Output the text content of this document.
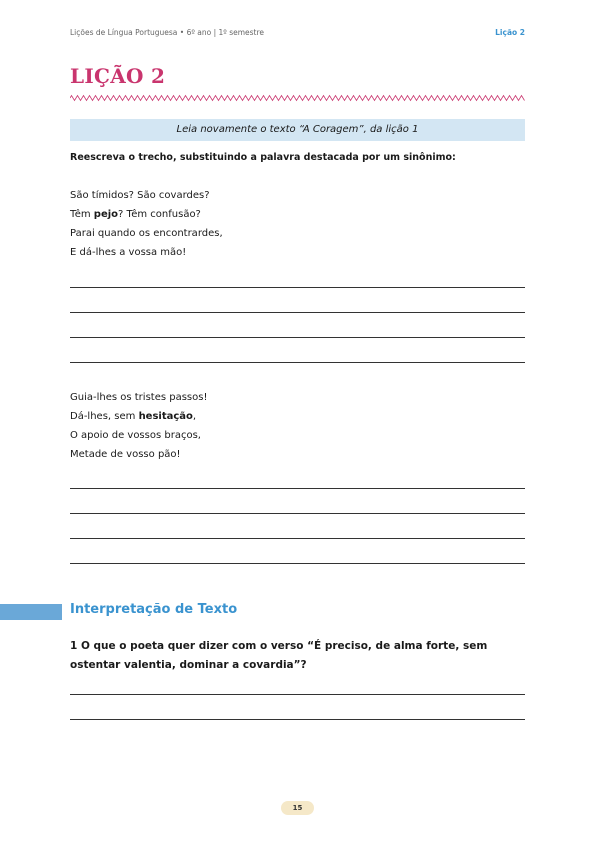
Lições de Língua Portuguesa • 6º ano | 1º semestre	Lição 2
LIÇÃO 2
Leia novamente o texto “A Coragem”, da lição 1
Reescreva o trecho, substituindo a palavra destacada por um sinônimo:

São tímidos? São covardes?

Têm pejo? Têm confusão?

Parai quando os encontrardes,

E dá-lhes a vossa mão!

Guia-lhes os tristes passos!

Dá-lhes, sem hesitação,

O apoio de vossos braços,

Metade de vosso pão!

Interpretação de Texto
1 O que o poeta quer dizer com o verso “É preciso, de alma forte, sem ostentar valentia, dominar a covardia”?
15
